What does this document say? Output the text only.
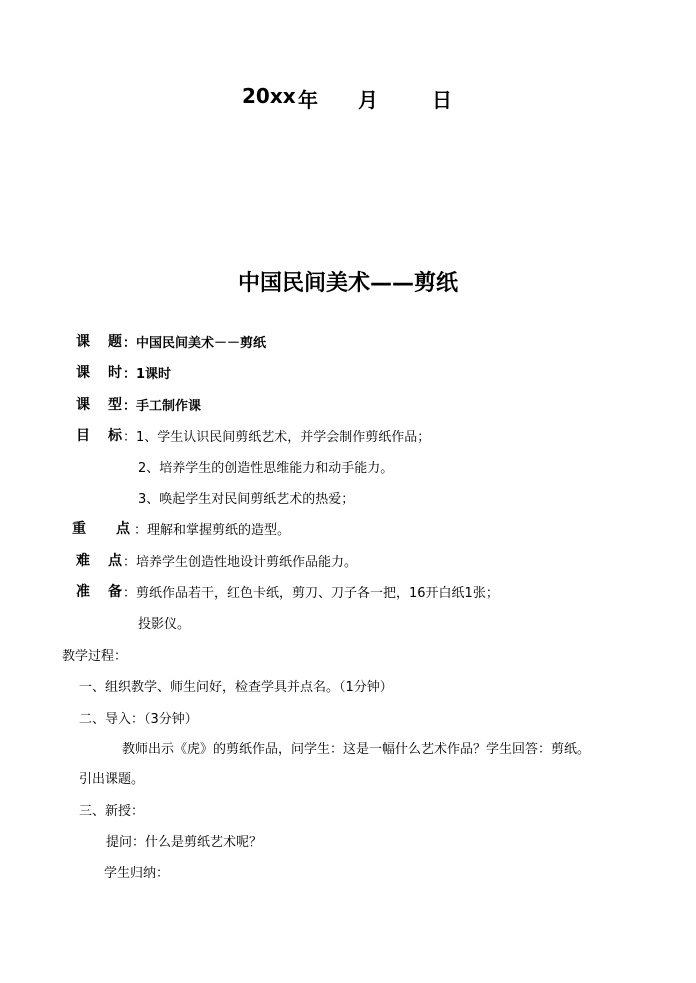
20xx 年 月	日
中国民间美术——剪纸
课 题 ：中国民间美术－－剪纸
课 时 ：1课时
课 型 ：手工制作课
目 标 ：1、学生认识民间剪纸艺术，并学会制作剪纸作品；
2、培养学生的创造性思维能力和动手能力。
3、唤起学生对民间剪纸艺术的热爱；
重 点 ：理解和掌握剪纸的造型。
难 点 ：培养学生创造性地设计剪纸作品能力。
准 备 ：剪纸作品若干，红色卡纸，剪刀、刀子各一把，16开白纸1张；
投影仪。
教学过程：
一、组织教学、师生问好，检查学具并点名。（1分钟）
二、导入：（3分钟）
教师出示《虎》的剪纸作品，问学生：这是一幅什么艺术作品？学生回答：剪纸。
引出课题。
三、新授：
提问：什么是剪纸艺术呢？
学生归纳：
